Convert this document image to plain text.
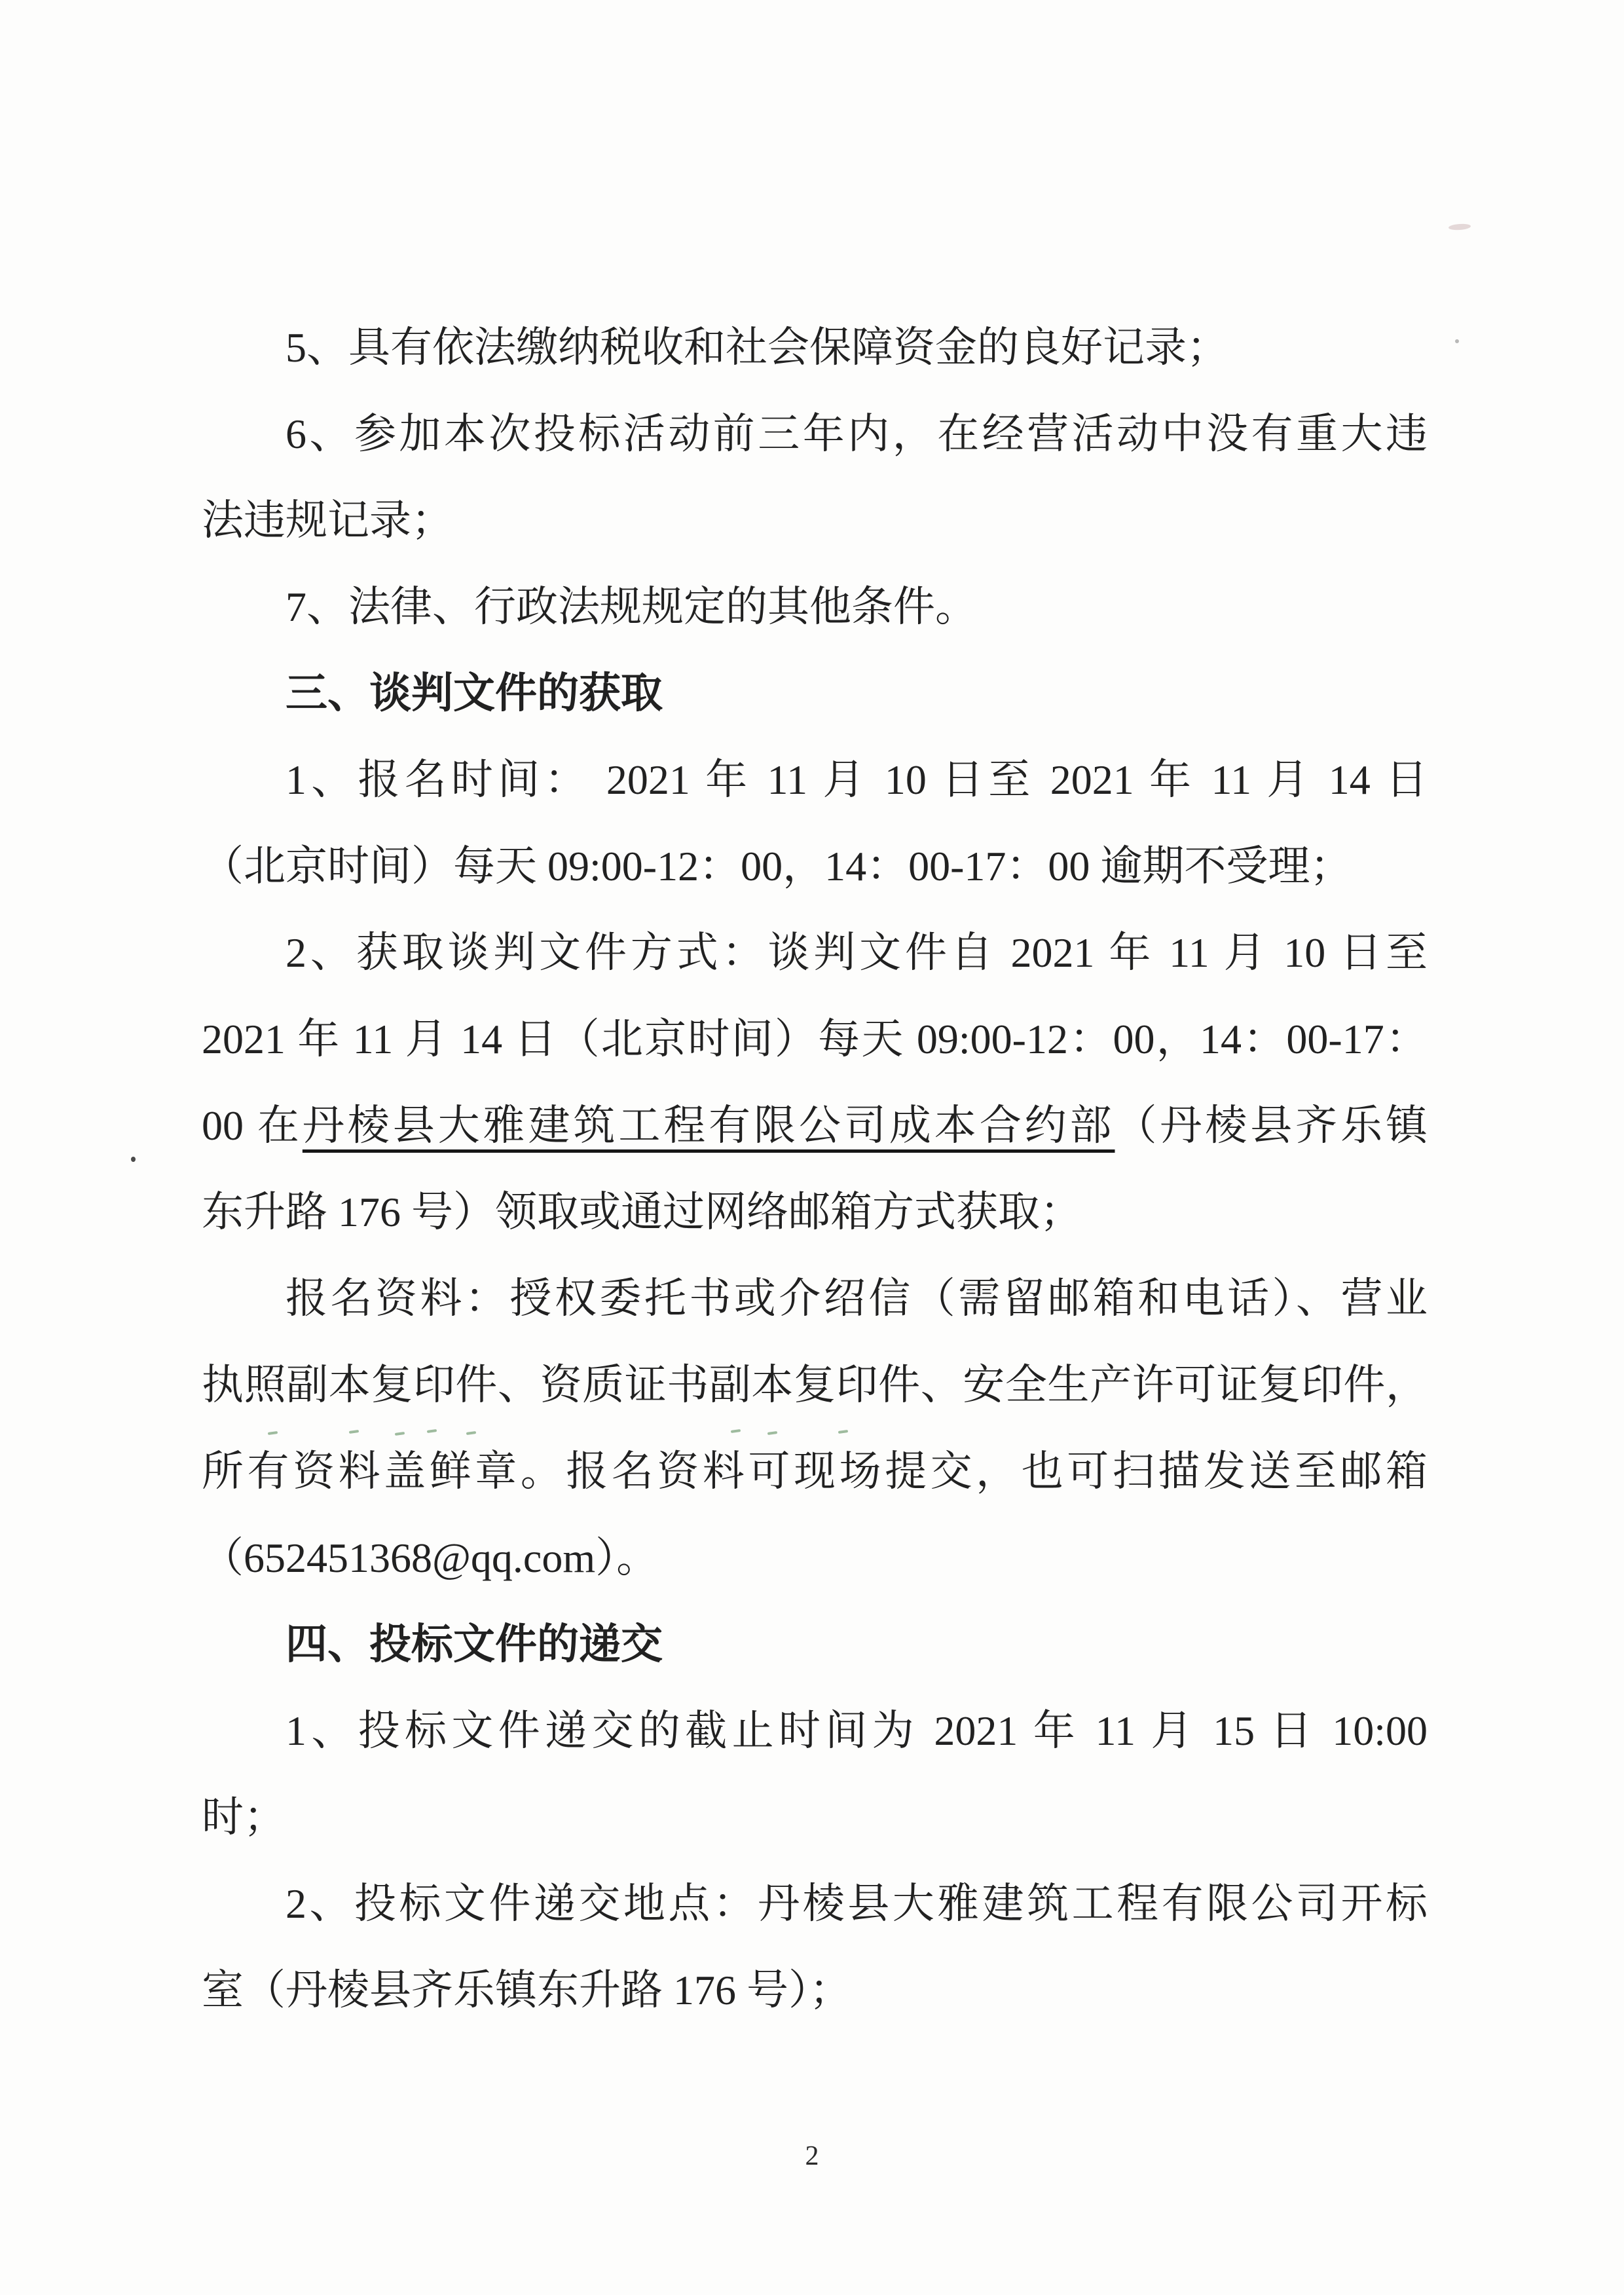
5、具有依法缴纳税收和社会保障资金的良好记录；
6、参加本次投标活动前三年内，在经营活动中没有重大违
法违规记录；
7、法律、行政法规规定的其他条件。
三、谈判文件的获取
1、报名时间： 2021 年 11 月 10 日至 2021 年 11 月 14 日
（北京时间）每天 09:00-12：00，14：00-17：00 逾期不受理；
2、获取谈判文件方式：谈判文件自 2021 年 11 月 10 日至
2021 年 11 月 14 日（北京时间）每天 09:00-12：00，14：00-17：
00 在丹棱县大雅建筑工程有限公司成本合约部（丹棱县齐乐镇
东升路 176 号）领取或通过网络邮箱方式获取；
报名资料：授权委托书或介绍信（需留邮箱和电话）、营业
执照副本复印件、资质证书副本复印件、安全生产许可证复印件，
所有资料盖鲜章。报名资料可现场提交，也可扫描发送至邮箱
（652451368@qq.com）。
四、投标文件的递交
1、投标文件递交的截止时间为 2021 年 11 月 15 日 10:00
时；
2、投标文件递交地点：丹棱县大雅建筑工程有限公司开标
室（丹棱县齐乐镇东升路 176 号）；
2
